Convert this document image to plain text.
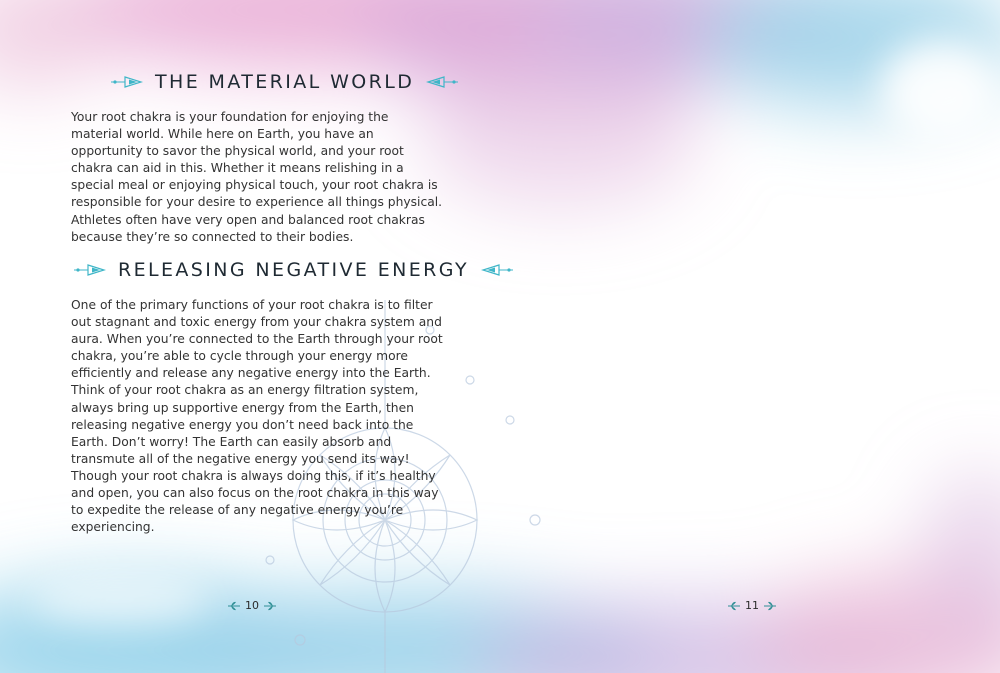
THE MATERIAL WORLD

Your root chakra is your foundation for enjoying the material world. While here on Earth, you have an opportunity to savor the physical world, and your root chakra can aid in this. Whether it means relishing in a special meal or enjoying physical touch, your root chakra is responsible for your desire to experience all things physical. Athletes often have very open and balanced root chakras because they’re so connected to their bodies.

RELEASING NEGATIVE ENERGY

One of the primary functions of your root chakra is to filter out stagnant and toxic energy from your chakra system and aura. When you’re connected to the Earth through your root chakra, you’re able to cycle through your energy more efficiently and release any negative energy into the Earth. Think of your root chakra as an energy filtration system, always bring up supportive energy from the Earth, then releasing negative energy you don’t need back into the Earth. Don’t worry! The Earth can easily absorb and transmute all of the negative energy you send its way! Though your root chakra is always doing this, if it’s healthy and open, you can also focus on the root chakra in this way to expedite the release of any negative energy you’re experiencing.

10	11
